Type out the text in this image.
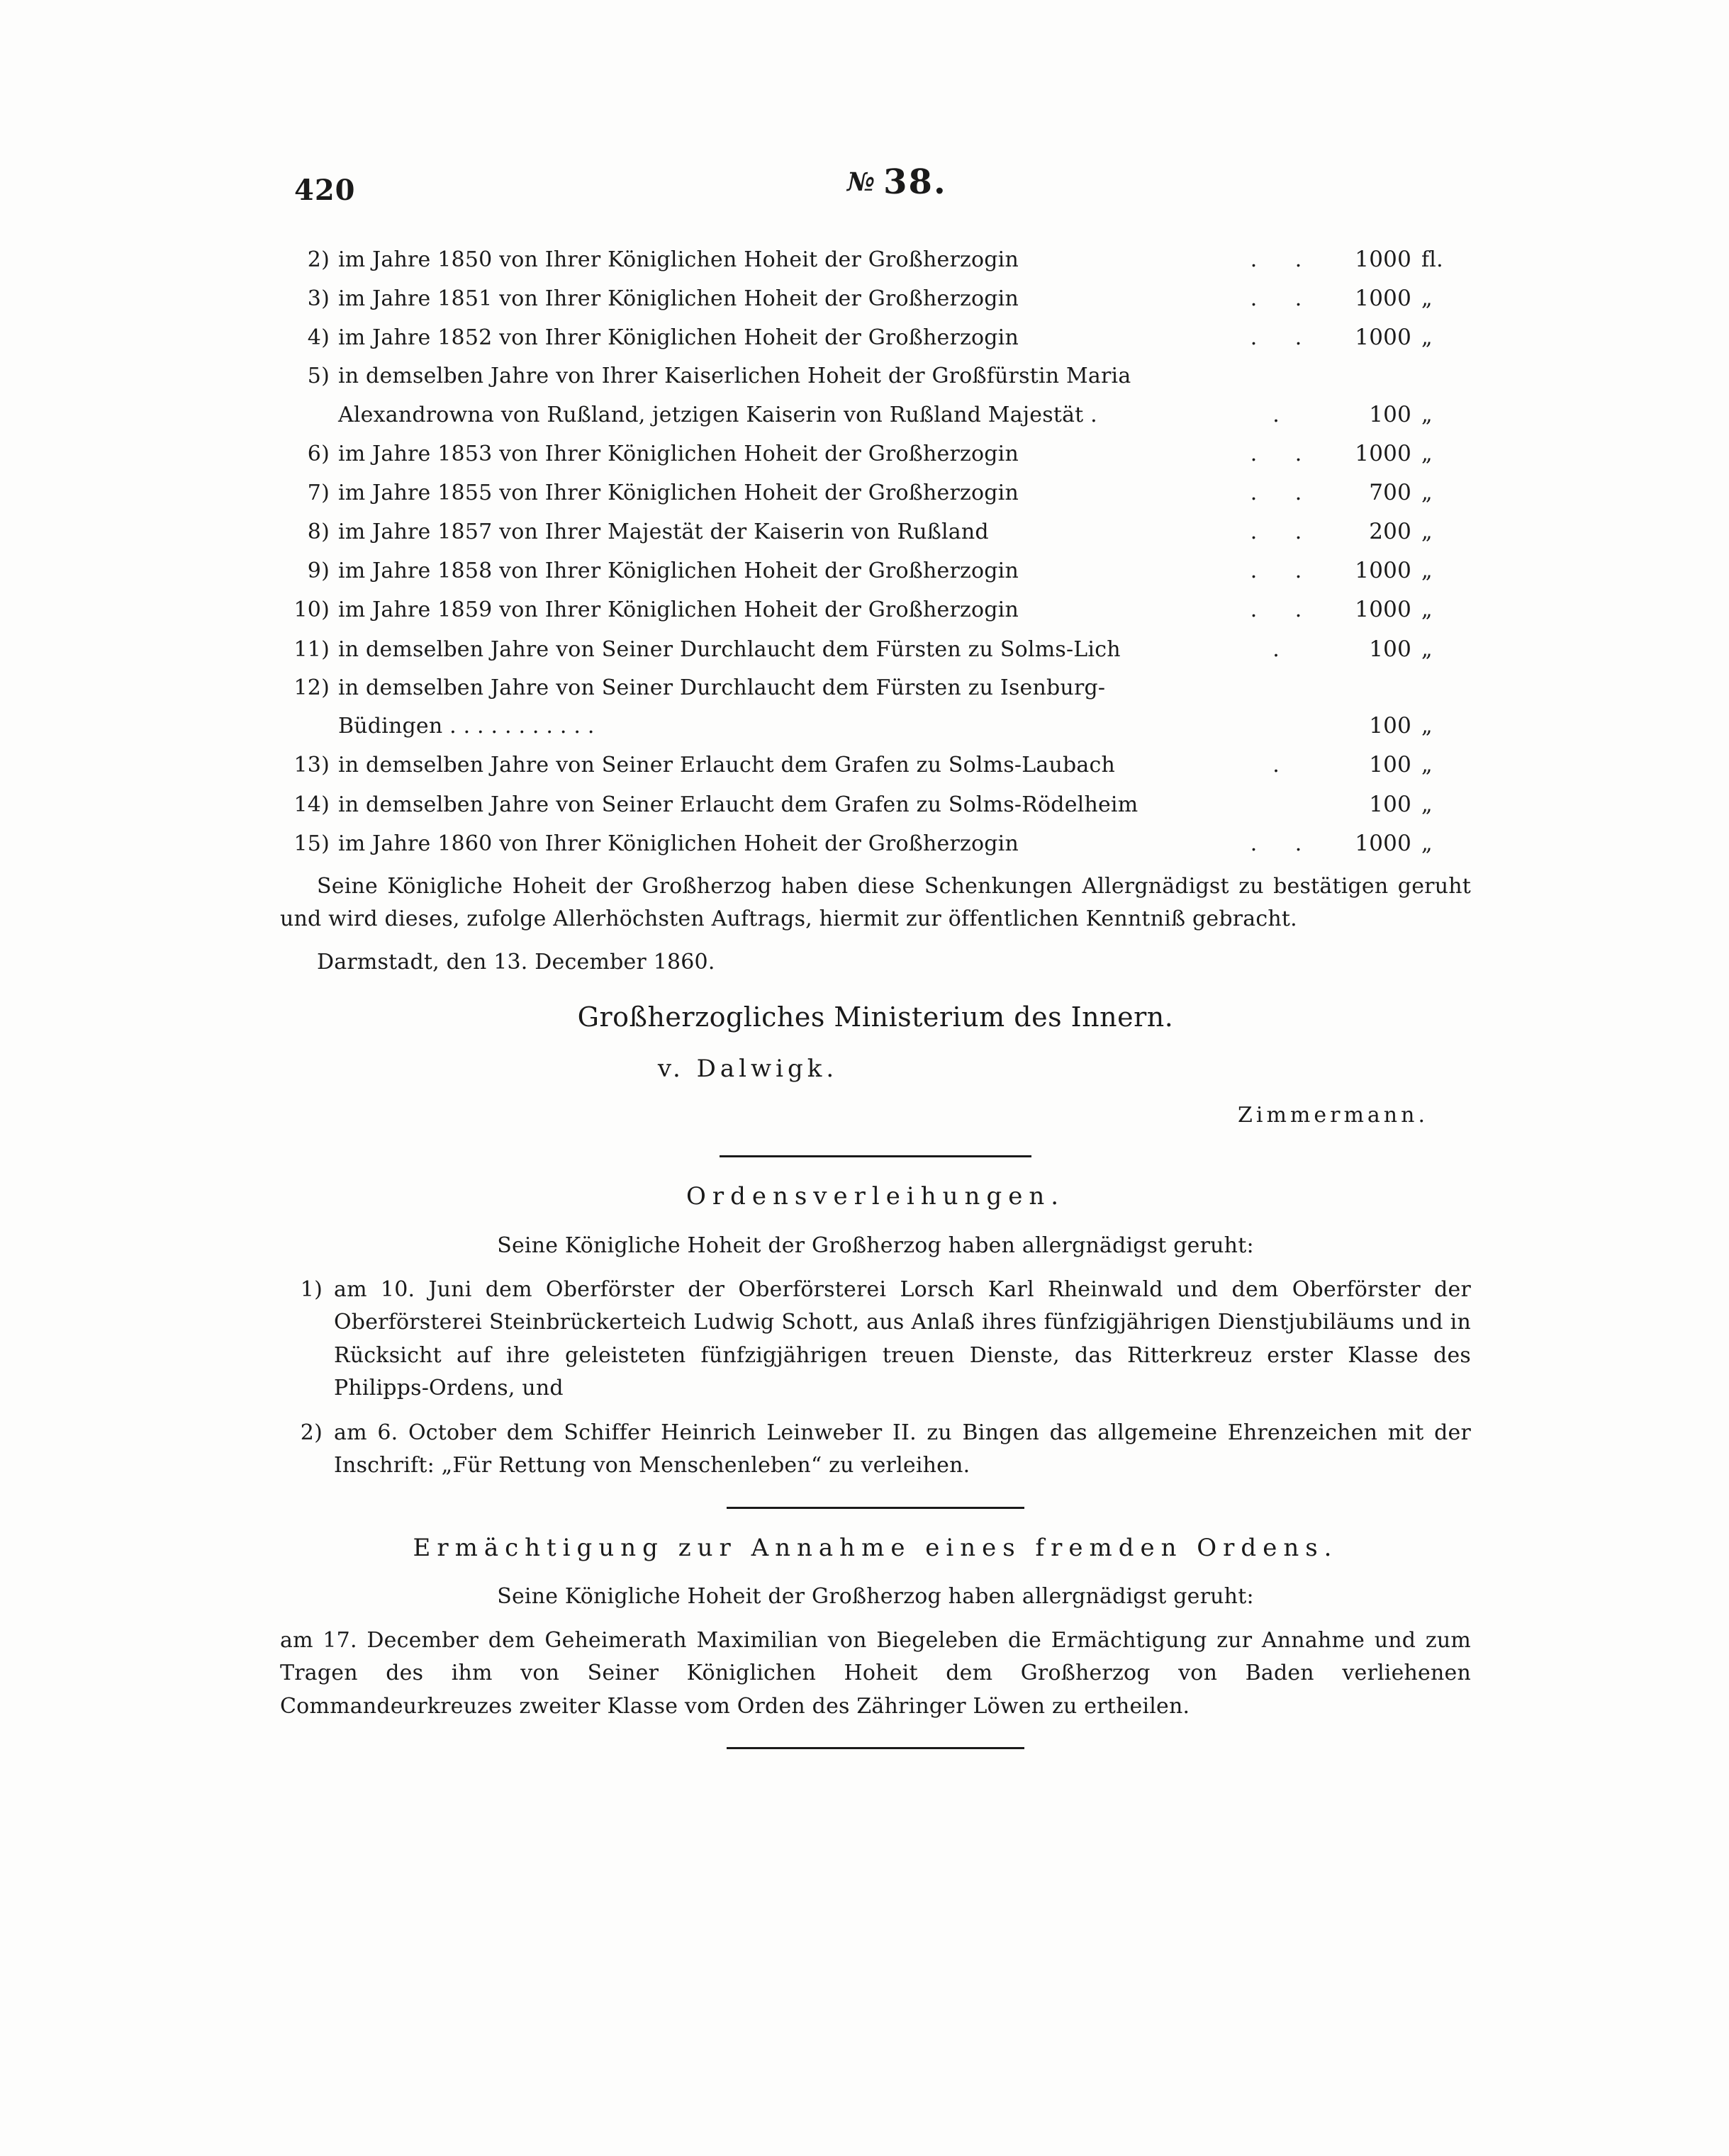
420	№ 38.
2) im Jahre 1850 von Ihrer Königlichen Hoheit der Großherzogin	. .	1000 fl.
3) im Jahre 1851 von Ihrer Königlichen Hoheit der Großherzogin	. .	1000 „
4) im Jahre 1852 von Ihrer Königlichen Hoheit der Großherzogin	. .	1000 „
5) in demselben Jahre von Ihrer Kaiserlichen Hoheit der Großfürstin Maria
Alexandrowna von Rußland, jetzigen Kaiserin von Rußland Majestät .	.	100 „
6) im Jahre 1853 von Ihrer Königlichen Hoheit der Großherzogin	. .	1000 „
7) im Jahre 1855 von Ihrer Königlichen Hoheit der Großherzogin	. .	700 „
8) im Jahre 1857 von Ihrer Majestät der Kaiserin von Rußland	. .	200 „
9) im Jahre 1858 von Ihrer Königlichen Hoheit der Großherzogin	. .	1000 „
10) im Jahre 1859 von Ihrer Königlichen Hoheit der Großherzogin	. .	1000 „
11) in demselben Jahre von Seiner Durchlaucht dem Fürsten zu Solms-Lich	.	100 „
12) in demselben Jahre von Seiner Durchlaucht dem Fürsten zu Isenburg-
Büdingen . . . . . . . . . . .	100 „
13) in demselben Jahre von Seiner Erlaucht dem Grafen zu Solms-Laubach	.	100 „
14) in demselben Jahre von Seiner Erlaucht dem Grafen zu Solms-Rödelheim	100 „
15) im Jahre 1860 von Ihrer Königlichen Hoheit der Großherzogin	. .	1000 „
Seine Königliche Hoheit der Großherzog haben diese Schenkungen Allergnädigst zu bestätigen geruht und wird dieses, zufolge Allerhöchsten Auftrags, hiermit zur öffentlichen Kenntniß gebracht.
Darmstadt, den 13. December 1860.
Großherzogliches Ministerium des Innern.
v. Dalwigk.
Zimmermann.
Ordensverleihungen.
Seine Königliche Hoheit der Großherzog haben allergnädigst geruht:
1) am 10. Juni dem Oberförster der Oberförsterei Lorsch Karl Rheinwald und dem Oberförster der Oberförsterei Steinbrückerteich Ludwig Schott, aus Anlaß ihres fünfzigjährigen Dienstjubiläums und in Rücksicht auf ihre geleisteten fünfzigjährigen treuen Dienste, das Ritterkreuz erster Klasse des Philipps-Ordens, und
2) am 6. October dem Schiffer Heinrich Leinweber II. zu Bingen das allgemeine Ehrenzeichen mit der Inschrift: „Für Rettung von Menschenleben“ zu verleihen.
Ermächtigung zur Annahme eines fremden Ordens.
Seine Königliche Hoheit der Großherzog haben allergnädigst geruht:
am 17. December dem Geheimerath Maximilian von Biegeleben die Ermächtigung zur Annahme und zum Tragen des ihm von Seiner Königlichen Hoheit dem Großherzog von Baden verliehenen Commandeurkreuzes zweiter Klasse vom Orden des Zähringer Löwen zu ertheilen.
